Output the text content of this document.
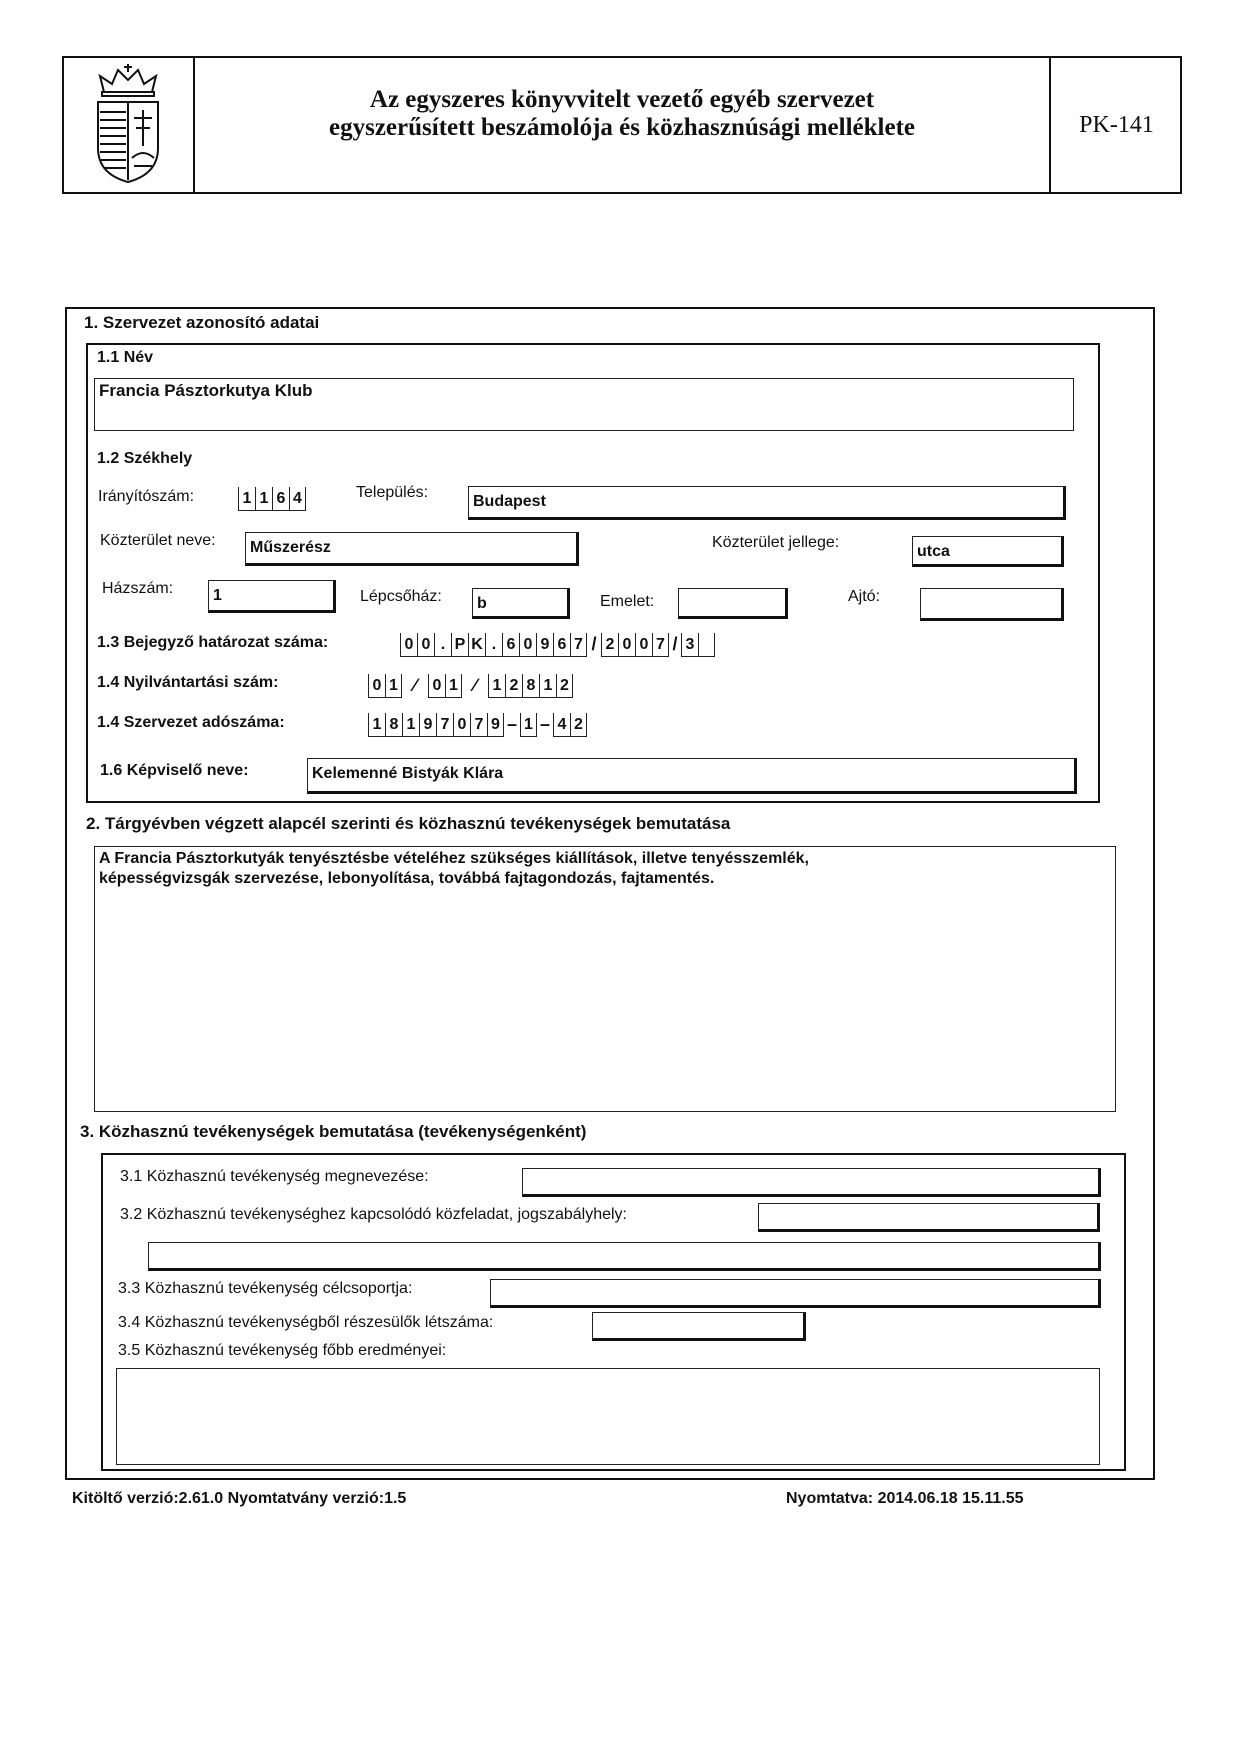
Az egyszeres könyvvitelt vezető egyéb szervezet
egyszerűsített beszámolója és közhasznúsági melléklete	PK-141
1. Szervezet azonosító adatai
1.1 Név
Francia Pásztorkutya Klub
1.2 Székhely
Irányítószám:	1 1 6 4	Település:
Budapest
Közterület neve:	Műszerész	Közterület jellege:
utca
Házszám:	1	Lépcsőház:	b	Emelet:	Ajtó:
1.3 Bejegyző határozat száma:	0 0 . P K . 6 0 9 6 7 / 2 0 0 7 / 3
1.4 Nyilvántartási szám:	0 1 ∕	0 1 ∕	1 2 8 1 2
1.4 Szervezet adószáma:	1 8 1 9 7 0 7 9 – 1 – 4 2
1.6 Képviselő neve:	Kelemenné Bistyák Klára
2. Tárgyévben végzett alapcél szerinti és közhasznú tevékenységek bemutatása
A Francia Pásztorkutyák tenyésztésbe vételéhez szükséges kiállítások, illetve tenyésszemlék,
képességvizsgák szervezése, lebonyolítása, továbbá fajtagondozás, fajtamentés.
3. Közhasznú tevékenységek bemutatása (tevékenységenként)
3.1 Közhasznú tevékenység megnevezése:
3.2 Közhasznú tevékenységhez kapcsolódó közfeladat, jogszabályhely:
3.3 Közhasznú tevékenység célcsoportja:
3.4 Közhasznú tevékenységből részesülők létszáma:
3.5 Közhasznú tevékenység főbb eredményei:
Kitöltő verzió:2.61.0 Nyomtatvány verzió:1.5	Nyomtatva: 2014.06.18 15.11.55
